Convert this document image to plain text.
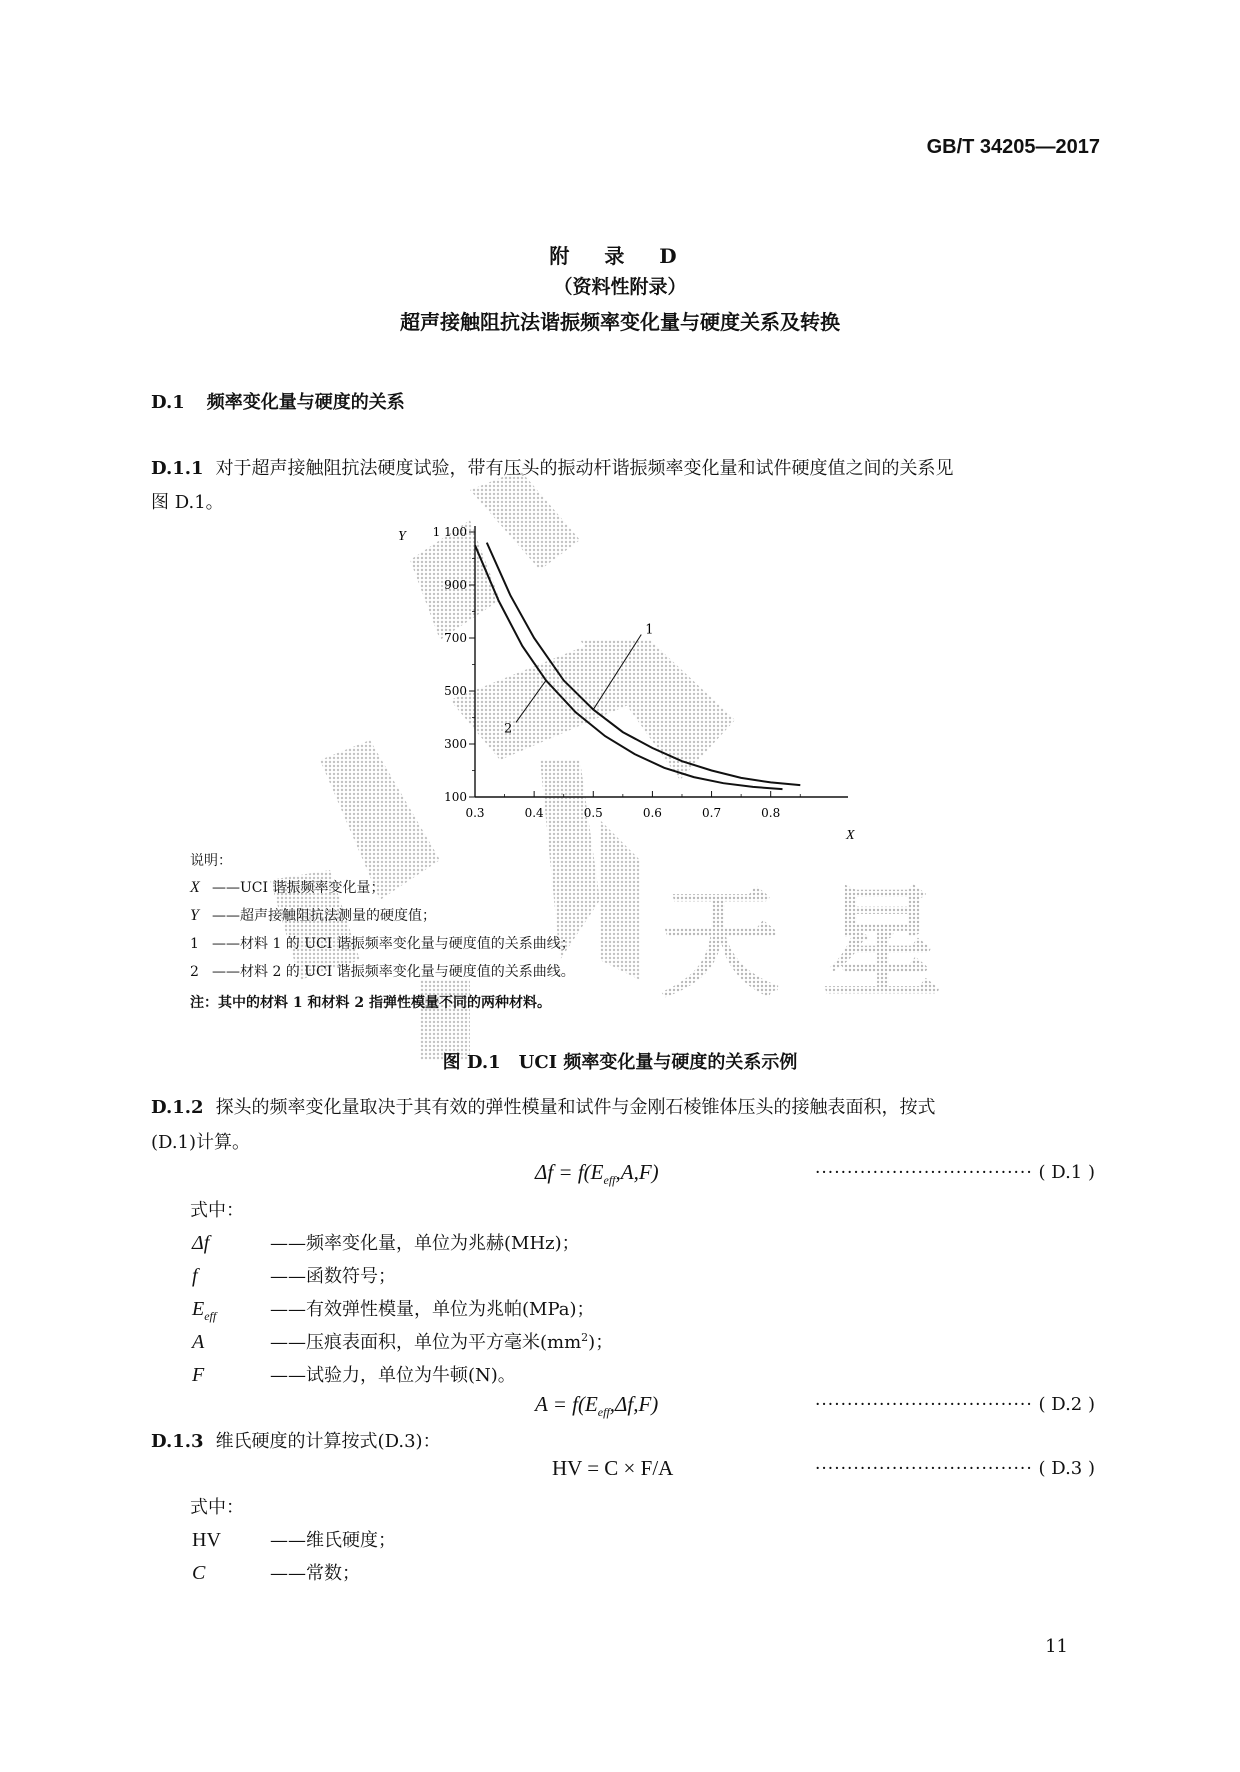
天 星
GB/T 34205—2017
附 录 D
（资料性附录）
超声接触阻抗法谐振频率变化量与硬度关系及转换
D.1 频率变化量与硬度的关系
D.1.1 对于超声接触阻抗法硬度试验，带有压头的振动杆谐振频率变化量和试件硬度值之间的关系见
图 D.1。
0.3	0.4	0.5	0.6	0.7	0.8
100
300
500
700
900
1 100
1
2
X
Y
说明：
X ——UCI 谐振频率变化量；
Y ——超声接触阻抗法测量的硬度值；
1 ——材料 1 的 UCI 谐振频率变化量与硬度值的关系曲线；
2 ——材料 2 的 UCI 谐振频率变化量与硬度值的关系曲线。
注：其中的材料 1 和材料 2 指弹性模量不同的两种材料。
图 D.1　UCI 频率变化量与硬度的关系示例
D.1.2 探头的频率变化量取决于其有效的弹性模量和试件与金刚石棱锥体压头的接触表面积，按式
(D.1)计算。
$\Delta f = f(E_{eff},A,F)$	·································· ( D.1 )
式中：
Δf	——频率变化量，单位为兆赫(MHz)；
f	——函数符号；
$E_{eff}$	——有效弹性模量，单位为兆帕(MPa)；
A	——压痕表面积，单位为平方毫米$(mm^2)$；
F	——试验力，单位为牛顿(N)。
$A = f(E_{eff},\Delta f,F)$	·································· ( D.2 )
D.1.3 维氏硬度的计算按式(D.3)：
HV = C × F/A	·································· ( D.3 )
式中：
HV	——维氏硬度；
C	——常数；
11
